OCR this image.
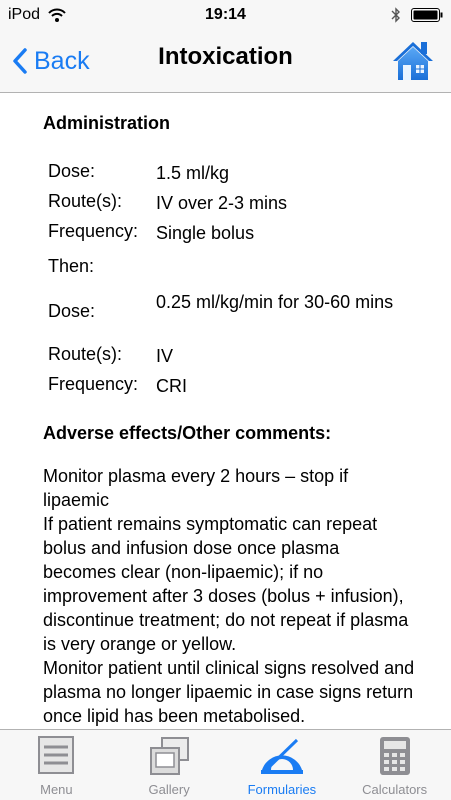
iPod	19:14
Back	Intoxication
Administration
Dose:	1.5 ml/kg
Route(s): IV over 2-3 mins
Frequency: Single bolus
Then:
Dose:	0.25 ml/kg/min for 30-60 mins
Route(s): IV
Frequency: CRI
Adverse effects/Other comments:

Monitor plasma every 2 hours – stop if lipaemic

If patient remains symptomatic can repeat bolus and infusion dose once plasma becomes clear (non-lipaemic); if no improvement after 3 doses (bolus + infusion), discontinue treatment; do not repeat if plasma is very orange or yellow.

Monitor patient until clinical signs resolved and plasma no longer lipaemic in case signs return once lipid has been metabolised.

Menu	Gallery	Formularies	Calculators
